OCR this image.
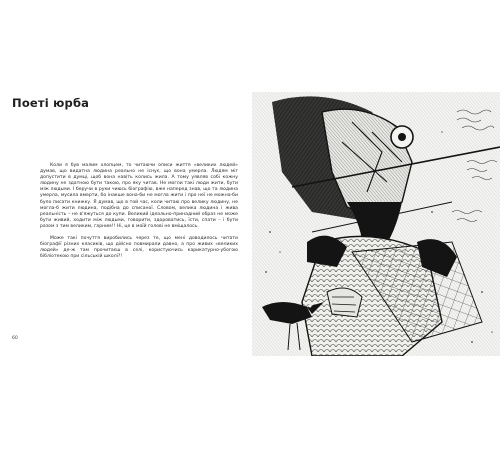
Поеті юрба

Коли я був малим хлопцем, то читаючи описи життя «великих людей» думав, що видатна людина реально не існує, що вона умерла. Людям міг допустити в думці, щоб вона навіть колись жила. А тому уявляв собі кожну людину не здатною бути такою, про яку читав. Не могли такі люди жити, бути між людьми. І беручи в руки чиюсь біографію, вже наперед знав, що та людина умерла, мусила вмерти, бо інакше вона-би не могла жити і про неї не можна-би було писати книжку. Я думав, що в той час, коли читаю про велику людину, не могла-б жити людина, подібна до списаної. Словом, велика людина і жива реальність – не в'яжуться до купи. Великий ідеально-принадний образ не може бути живий, ходити між людьми, говорити, здороватись, їсти, спати – і бути разом з тим великим, гарним!! Ні, це в моїй голові не вміщалось.

Може такі почуття виробились через те, що мені доводилось читати біографії різних класиків, що дійсно повмирали давно, а про живих «великих людей» де-ж там прочитаєш в селі, користуючись карикатурно-убогою бібліотекою при сільській школі?!

60
